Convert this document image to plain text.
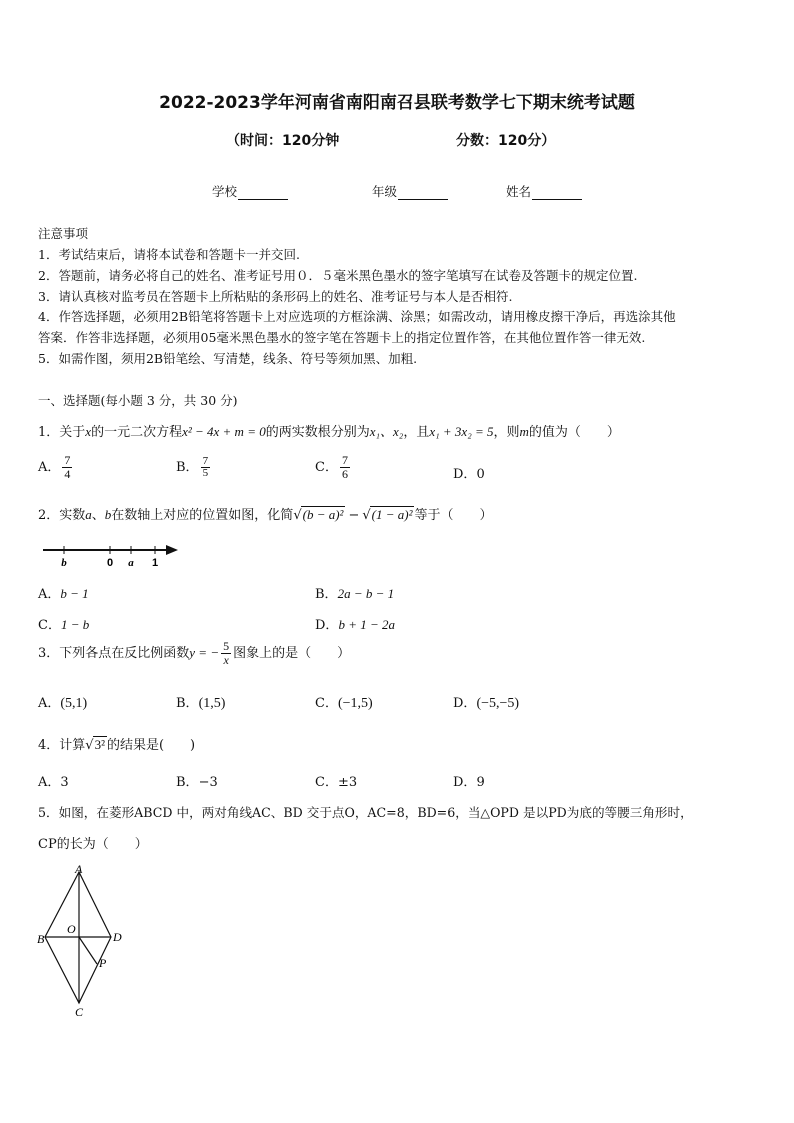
2022-2023学年河南省南阳南召县联考数学七下期末统考试题
（时间：120分钟	分数：120分）
学校	年级	姓名
注意事项
1．考试结束后，请将本试卷和答题卡一并交回.
2．答题前，请务必将自己的姓名、准考证号用０．５毫米黑色墨水的签字笔填写在试卷及答题卡的规定位置.
3．请认真核对监考员在答题卡上所粘贴的条形码上的姓名、准考证号与本人是否相符.
4．作答选择题，必须用2B铅笔将答题卡上对应选项的方框涂满、涂黑；如需改动，请用橡皮擦干净后，再选涂其他
答案．作答非选择题，必须用05毫米黑色墨水的签字笔在答题卡上的指定位置作答，在其他位置作答一律无效.
5．如需作图，须用2B铅笔绘、写清楚，线条、符号等须加黑、加粗.
一、选择题(每小题 3 分，共 30 分)
1．关于x的一元二次方程x² − 4x + m = 0的两实数根分别为x₁、x₂，且x₁ + 3x₂ = 5，则m的值为（　　）
A． $\frac{7}{4}$	B． $\frac{7}{5}$	C． $\frac{7}{6}$	D．0
2．实数a、b在数轴上对应的位置如图，化简√(b − a)² − √(1 − a)² 等于（　　）
b	0 a 1
A．b − 1	B．2a − b − 1
C．1 − b	D．b + 1 − 2a
3．下列各点在反比例函数y = − $\frac{5}{x}$ 图象上的是（　　）
A．(5,1)	B．(1,5)	C．(−1,5)	D．(−5,−5)
4．计算√3² 的结果是(　　)
A．3	B．−3	C．±3	D．9
5．如图，在菱形ABCD 中，两对角线AC、BD 交于点O，AC=8，BD=6，当△OPD 是以PD为底的等腰三角形时，
CP的长为（　　）
A
B
C
D
O
P
